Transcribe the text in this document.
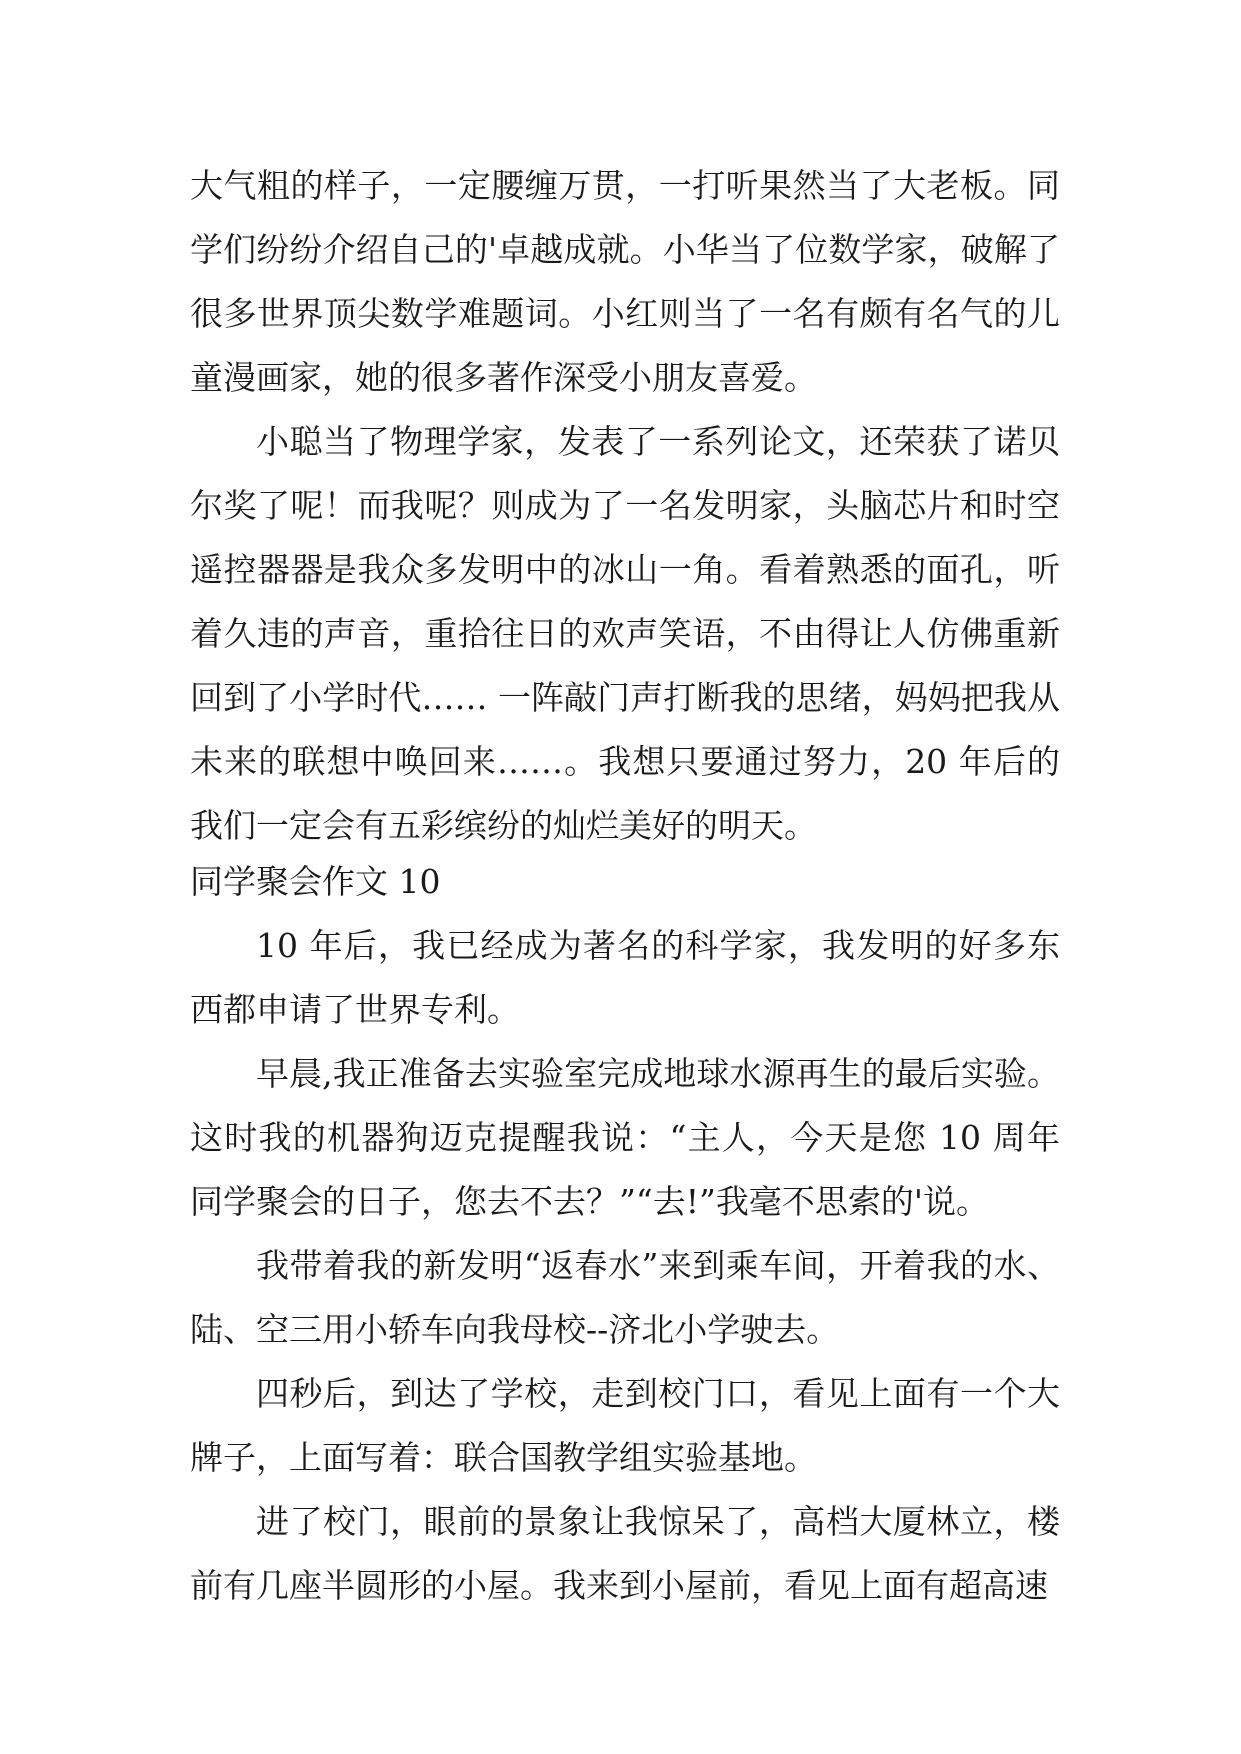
大气粗的样子，一定腰缠万贯，一打听果然当了大老板。同学们纷纷介绍自己的'卓越成就。小华当了位数学家，破解了很多世界顶尖数学难题词。小红则当了一名有颇有名气的儿童漫画家，她的很多著作深受小朋友喜爱。

小聪当了物理学家，发表了一系列论文，还荣获了诺贝尔奖了呢！而我呢？则成为了一名发明家，头脑芯片和时空遥控器器是我众多发明中的冰山一角。看着熟悉的面孔，听着久违的声音，重拾往日的欢声笑语，不由得让人仿佛重新回到了小学时代…… 一阵敲门声打断我的思绪，妈妈把我从未来的联想中唤回来……。我想只要通过努力，20 年后的我们一定会有五彩缤纷的灿烂美好的明天。

同学聚会作文 10

10 年后，我已经成为著名的科学家，我发明的好多东西都申请了世界专利。

早晨,我正准备去实验室完成地球水源再生的最后实验。这时我的机器狗迈克提醒我说：“主人，今天是您 10 周年同学聚会的日子，您去不去？”“去!”我毫不思索的'说。

我带着我的新发明“返春水”来到乘车间，开着我的水、陆、空三用小轿车向我母校--济北小学驶去。

四秒后，到达了学校，走到校门口，看见上面有一个大牌子，上面写着：联合国教学组实验基地。

进了校门，眼前的景象让我惊呆了，高档大厦林立，楼前有几座半圆形的小屋。我来到小屋前，看见上面有超高速
